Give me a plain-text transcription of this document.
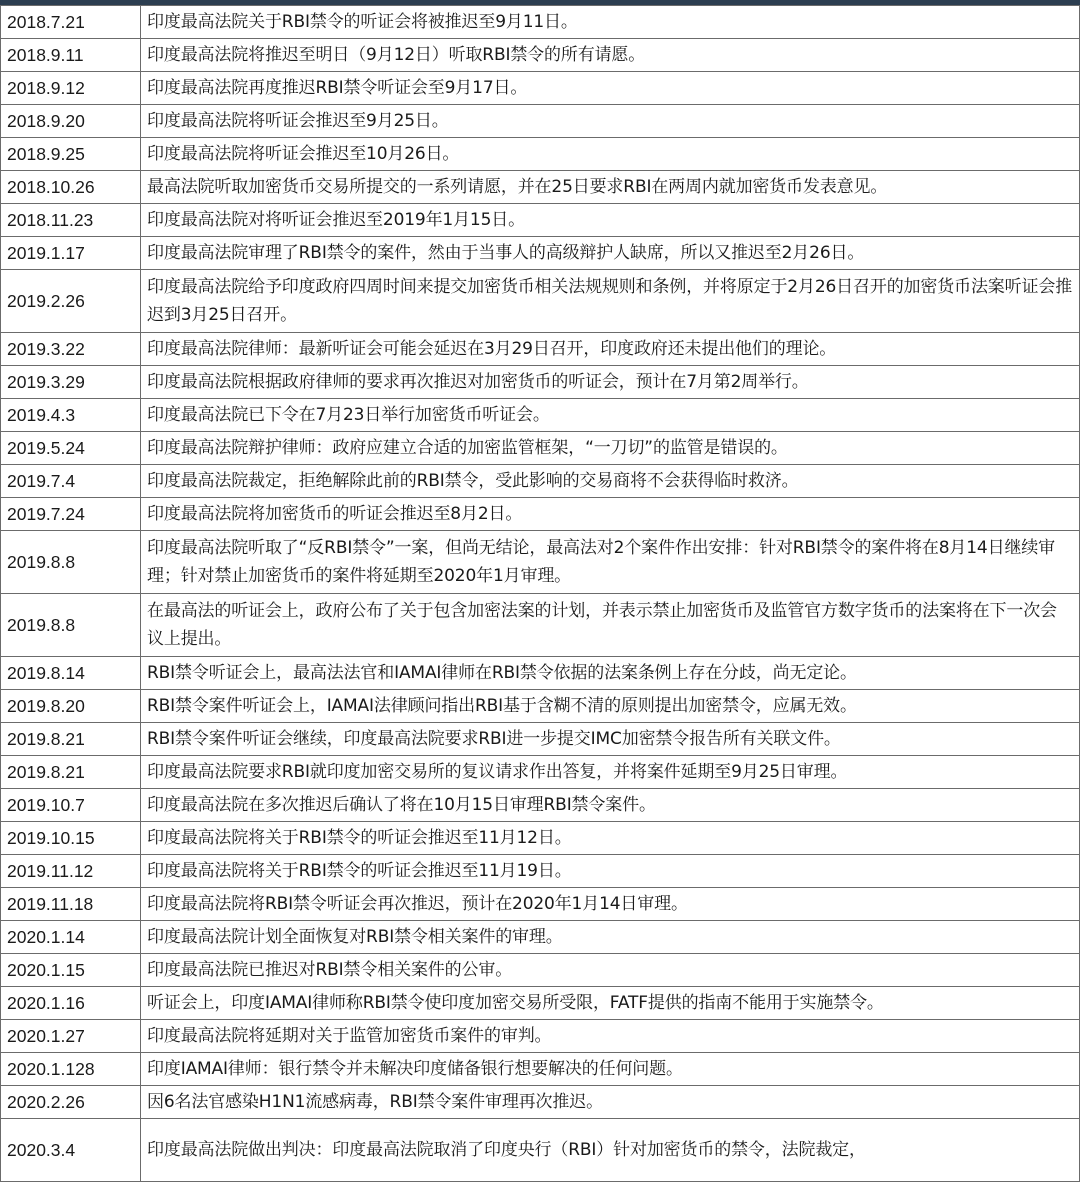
2018.7.21	印度最高法院关于RBI禁令的听证会将被推迟至9月11日。
2018.9.11	印度最高法院将推迟至明日（9月12日）听取RBI禁令的所有请愿。
2018.9.12	印度最高法院再度推迟RBI禁令听证会至9月17日。
2018.9.20	印度最高法院将听证会推迟至9月25日。
2018.9.25	印度最高法院将听证会推迟至10月26日。
2018.10.26	最高法院听取加密货币交易所提交的一系列请愿，并在25日要求RBI在两周内就加密货币发表意见。
2018.11.23	印度最高法院对将听证会推迟至2019年1月15日。
2019.1.17	印度最高法院审理了RBI禁令的案件，然由于当事人的高级辩护人缺席，所以又推迟至2月26日。
2019.2.26	印度最高法院给予印度政府四周时间来提交加密货币相关法规规则和条例，并将原定于2月26日召开的加密货币法案听证会推迟到3月25日召开。
2019.3.22	印度最高法院律师：最新听证会可能会延迟在3月29日召开，印度政府还未提出他们的理论。
2019.3.29	印度最高法院根据政府律师的要求再次推迟对加密货币的听证会，预计在7月第2周举行。
2019.4.3	印度最高法院已下令在7月23日举行加密货币听证会。
2019.5.24	印度最高法院辩护律师：政府应建立合适的加密监管框架，“一刀切”的监管是错误的。
2019.7.4	印度最高法院裁定，拒绝解除此前的RBI禁令，受此影响的交易商将不会获得临时救济。
2019.7.24	印度最高法院将加密货币的听证会推迟至8月2日。
2019.8.8	印度最高法院听取了“反RBI禁令”一案，但尚无结论，最高法对2个案件作出安排：针对RBI禁令的案件将在8月14日继续审理；针对禁止加密货币的案件将延期至2020年1月审理。
2019.8.8	在最高法的听证会上，政府公布了关于包含加密法案的计划，并表示禁止加密货币及监管官方数字货币的法案将在下一次会议上提出。
2019.8.14	RBI禁令听证会上，最高法法官和IAMAI律师在RBI禁令依据的法案条例上存在分歧，尚无定论。
2019.8.20	RBI禁令案件听证会上，IAMAI法律顾问指出RBI基于含糊不清的原则提出加密禁令，应属无效。
2019.8.21	RBI禁令案件听证会继续，印度最高法院要求RBI进一步提交IMC加密禁令报告所有关联文件。
2019.8.21	印度最高法院要求RBI就印度加密交易所的复议请求作出答复，并将案件延期至9月25日审理。
2019.10.7	印度最高法院在多次推迟后确认了将在10月15日审理RBI禁令案件。
2019.10.15	印度最高法院将关于RBI禁令的听证会推迟至11月12日。
2019.11.12	印度最高法院将关于RBI禁令的听证会推迟至11月19日。
2019.11.18	印度最高法院将RBI禁令听证会再次推迟，预计在2020年1月14日审理。
2020.1.14	印度最高法院计划全面恢复对RBI禁令相关案件的审理。
2020.1.15	印度最高法院已推迟对RBI禁令相关案件的公审。
2020.1.16	听证会上，印度IAMAI律师称RBI禁令使印度加密交易所受限，FATF提供的指南不能用于实施禁令。
2020.1.27	印度最高法院将延期对关于监管加密货币案件的审判。
2020.1.128	印度IAMAI律师：银行禁令并未解决印度储备银行想要解决的任何问题。
2020.2.26	因6名法官感染H1N1流感病毒，RBI禁令案件审理再次推迟。
2020.3.4	印度最高法院做出判决：印度最高法院取消了印度央行（RBI）针对加密货币的禁令，法院裁定，
